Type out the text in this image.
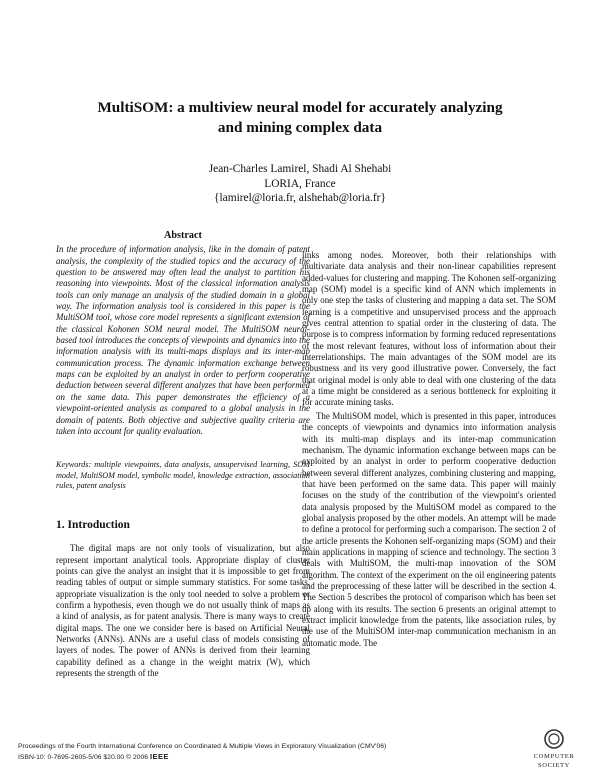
MultiSOM: a multiview neural model for accurately analyzing
and mining complex data
Jean-Charles Lamirel, Shadi Al Shehabi
LORIA, France
{lamirel@loria.fr, alshehab@loria.fr}
Abstract

In the procedure of information analysis, like in the domain of patent analysis, the complexity of the studied topics and the accuracy of the question to be answered may often lead the analyst to partition his reasoning into viewpoints. Most of the classical information analysis tools can only manage an analysis of the studied domain in a global way. The information analysis tool is considered in this paper is the MultiSOM tool, whose core model represents a significant extension of the classical Kohonen SOM neural model. The MultiSOM neural-based tool introduces the concepts of viewpoints and dynamics into the information analysis with its multi-maps displays and its inter-map communication process. The dynamic information exchange between maps can be exploited by an analyst in order to perform cooperative deduction between several different analyzes that have been performed on the same data. This paper demonstrates the efficiency of a viewpoint-oriented analysis as compared to a global analysis in the domain of patents. Both objective and subjective quality criteria are taken into account for quality evaluation.

Keywords: multiple viewpoints, data analysis, unsupervised learning, SOM model, MultiSOM model, symbolic model, knowledge extraction, association rules, patent analysis

1. Introduction

The digital maps are not only tools of visualization, but also represent important analytical tools. Appropriate display of cluster points can give the analyst an insight that it is impossible to get from reading tables of output or simple summary statistics. For some tasks, appropriate visualization is the only tool needed to solve a problem or confirm a hypothesis, even though we do not usually think of maps as a kind of analysis, as for patent analysis. There is many ways to create digital maps. The one we consider here is based on Artificial Neural Networks (ANNs). ANNs are a useful class of models consisting of layers of nodes. The power of ANNs is derived from their learning capability defined as a change in the weight matrix (W), which represents the strength of the

links among nodes. Moreover, both their relationships with multivariate data analysis and their non-linear capabilities represent added-values for clustering and mapping. The Kohonen self-organizing map (SOM) model is a specific kind of ANN which implements in only one step the tasks of clustering and mapping a data set. The SOM learning is a competitive and unsupervised process and the approach gives central attention to spatial order in the clustering of data. The purpose is to compress information by forming reduced representations of the most relevant features, without loss of information about their interrelationships. The main advantages of the SOM model are its robustness and its very good illustrative power. Conversely, the fact that original model is only able to deal with one clustering of the data at a time might be considered as a serious bottleneck for exploiting it for accurate mining tasks.

The MultiSOM model, which is presented in this paper, introduces the concepts of viewpoints and dynamics into information analysis with its multi-map displays and its inter-map communication mechanism. The dynamic information exchange between maps can be exploited by an analyst in order to perform cooperative deduction between several different analyzes, combining clustering and mapping, that have been performed on the same data. This paper will mainly focuses on the study of the contribution of the viewpoint's oriented data analysis proposed by the MultiSOM model as compared to the global analysis proposed by the other models. An attempt will be made to define a protocol for performing such a comparison. The section 2 of the article presents the Kohonen self-organizing maps (SOM) and their main applications in mapping of science and technology. The section 3 deals with MultiSOM, the multi-map innovation of the SOM algorithm. The context of the experiment on the oil engineering patents and the preprocessing of these latter will be described in the section 4. The Section 5 describes the protocol of comparison which has been set up along with its results. The section 6 presents an original attempt to extract implicit knowledge from the patents, like association rules, by the use of the MultiSOM inter-map communication mechanism in an automatic mode. The

Proceedings of the Fourth International Conference on Coordinated & Multiple Views in Exploratory Visualization (CMV'06)
ISBN-10: 0-7695-2605-5/06 $20.00 © 2006 IEEE	COMPUTER
SOCIETY
